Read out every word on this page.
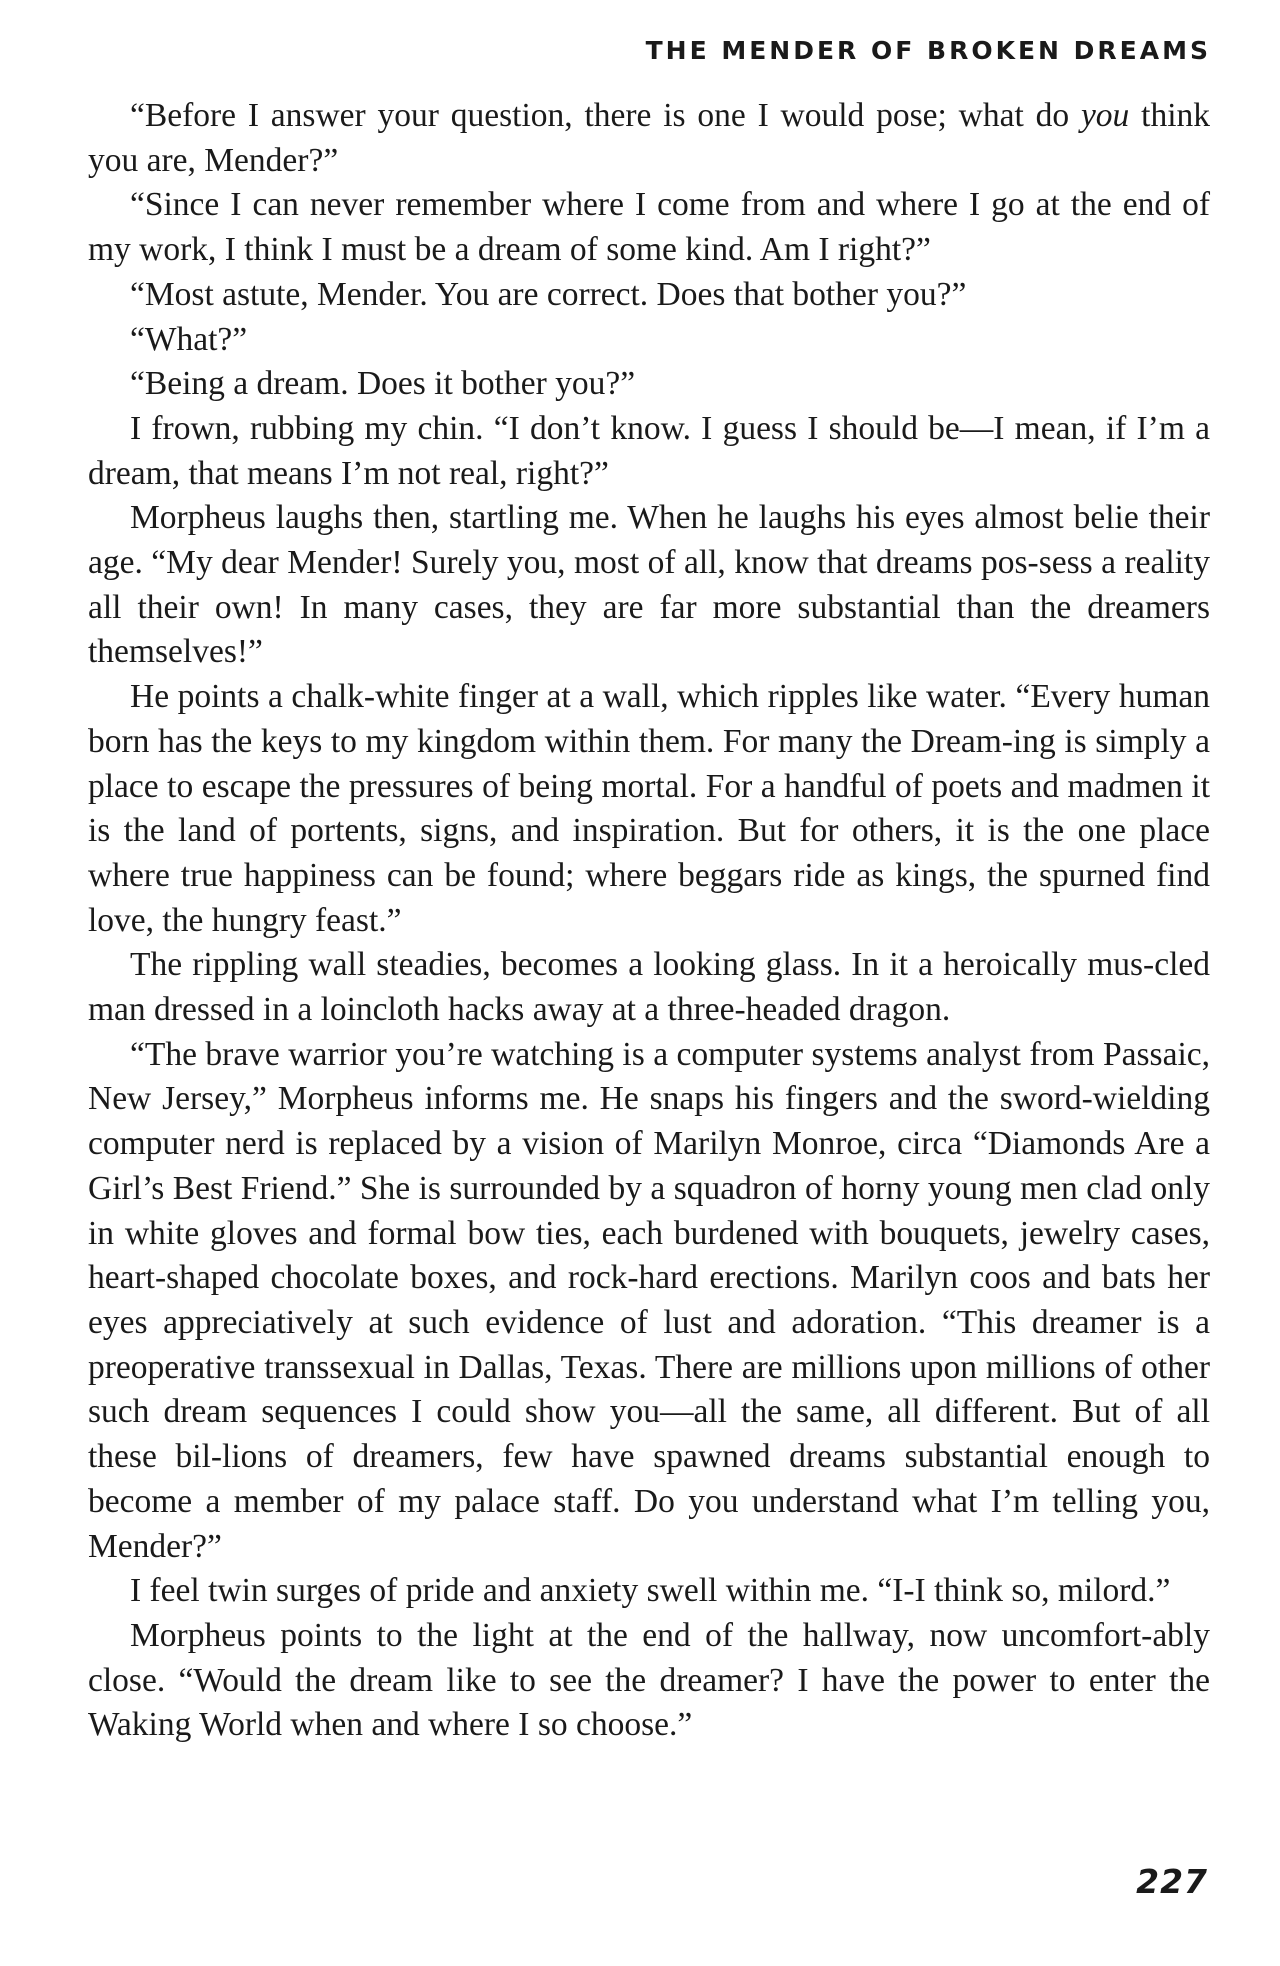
THE MENDER OF BROKEN DREAMS

“Before I answer your question, there is one I would pose; what do you think you are, Mender?”

“Since I can never remember where I come from and where I go at the end of my work, I think I must be a dream of some kind. Am I right?”

“Most astute, Mender. You are correct. Does that bother you?”

“What?”

“Being a dream. Does it bother you?”

I frown, rubbing my chin. “I don’t know. I guess I should be—I mean, if I’m a dream, that means I’m not real, right?”

Morpheus laughs then, startling me. When he laughs his eyes almost belie their age. “My dear Mender! Surely you, most of all, know that dreams pos-sess a reality all their own! In many cases, they are far more substantial than the dreamers themselves!”

He points a chalk-white finger at a wall, which ripples like water. “Every human born has the keys to my kingdom within them. For many the Dream-ing is simply a place to escape the pressures of being mortal. For a handful of poets and madmen it is the land of portents, signs, and inspiration. But for others, it is the one place where true happiness can be found; where beggars ride as kings, the spurned find love, the hungry feast.”

The rippling wall steadies, becomes a looking glass. In it a heroically mus-cled man dressed in a loincloth hacks away at a three-headed dragon.

“The brave warrior you’re watching is a computer systems analyst from Passaic, New Jersey,” Morpheus informs me. He snaps his fingers and the sword-wielding computer nerd is replaced by a vision of Marilyn Monroe, circa “Diamonds Are a Girl’s Best Friend.” She is surrounded by a squadron of horny young men clad only in white gloves and formal bow ties, each burdened with bouquets, jewelry cases, heart-shaped chocolate boxes, and rock-hard erections. Marilyn coos and bats her eyes appreciatively at such evidence of lust and adoration. “This dreamer is a preoperative transsexual in Dallas, Texas. There are millions upon millions of other such dream sequences I could show you—all the same, all different. But of all these bil-lions of dreamers, few have spawned dreams substantial enough to become a member of my palace staff. Do you understand what I’m telling you, Mender?”

I feel twin surges of pride and anxiety swell within me. “I-I think so, milord.”

Morpheus points to the light at the end of the hallway, now uncomfort-ably close. “Would the dream like to see the dreamer? I have the power to enter the Waking World when and where I so choose.”

227
